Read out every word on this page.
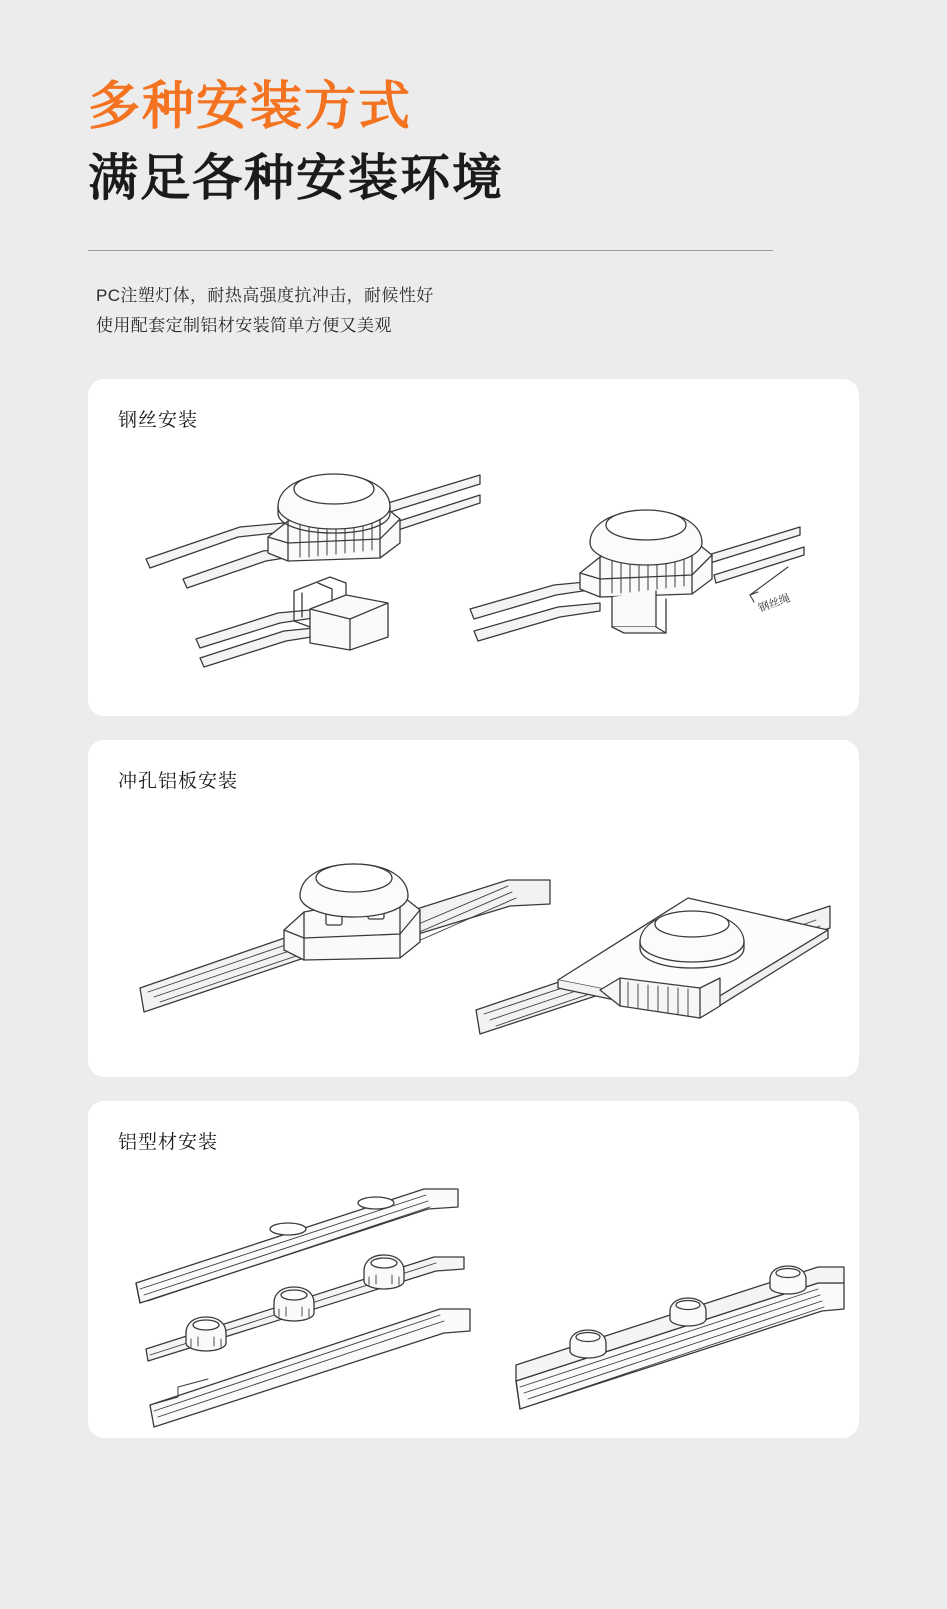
多种安装方式
满足各种安装环境
PC注塑灯体，耐热高强度抗冲击，耐候性好
使用配套定制铝材安装简单方便又美观
钢丝安装
钢丝绳
冲孔铝板安装
铝型材安装
